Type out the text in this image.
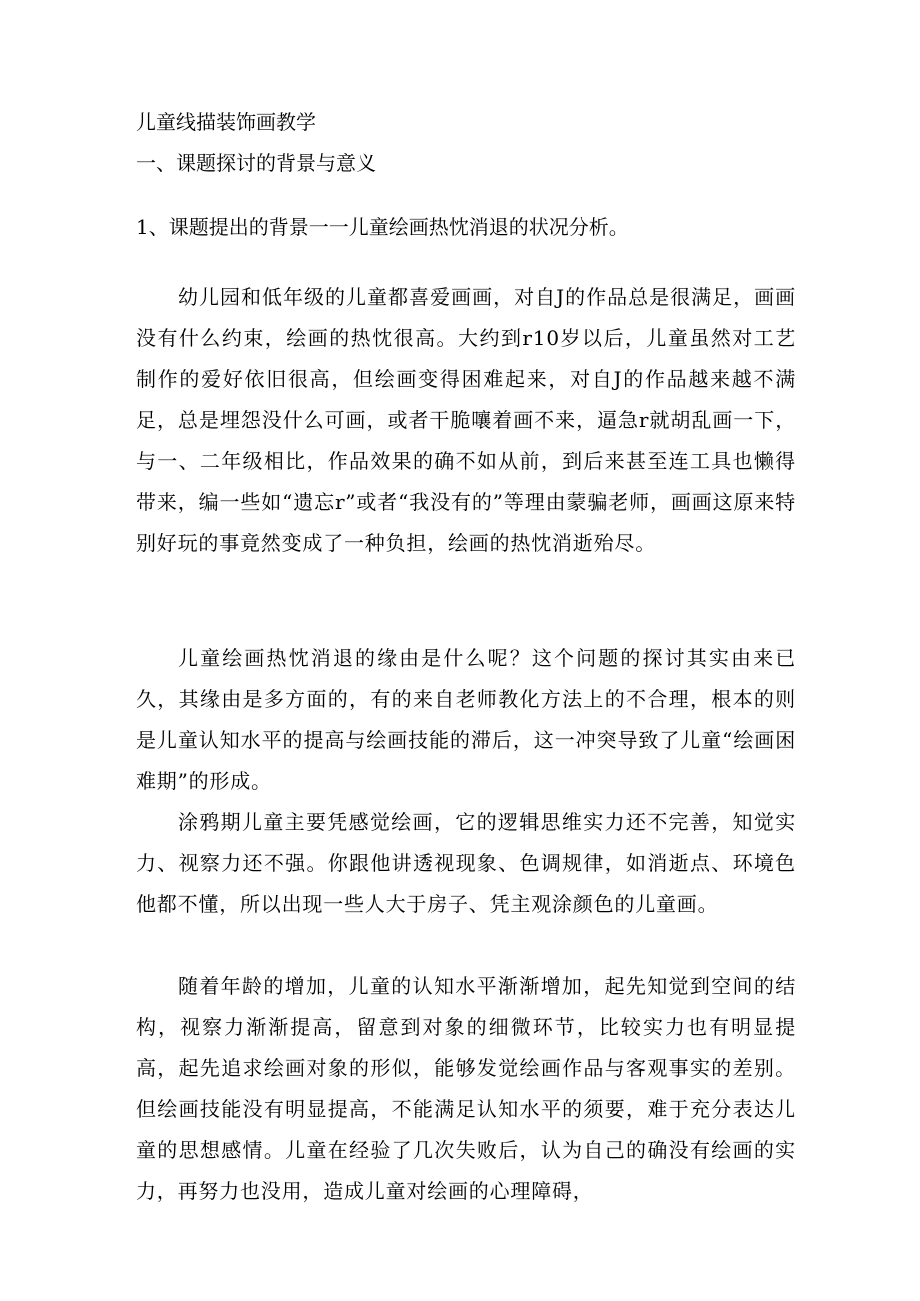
儿童线描装饰画教学
一、课题探讨的背景与意义
1、课题提出的背景一一儿童绘画热忱消退的状况分析。

幼儿园和低年级的儿童都喜爱画画，对自J的作品总是很满足，画画没有什么约束，绘画的热忱很高。大约到r10岁以后，儿童虽然对工艺制作的爱好依旧很高，但绘画变得困难起来，对自J的作品越来越不满足，总是埋怨没什么可画，或者干脆嚷着画不来，逼急r就胡乱画一下，与一、二年级相比，作品效果的确不如从前，到后来甚至连工具也懒得带来，编一些如“遗忘r”或者“我没有的”等理由蒙骗老师，画画这原来特别好玩的事竟然变成了一种负担，绘画的热忱消逝殆尽。

儿童绘画热忱消退的缘由是什么呢？这个问题的探讨其实由来已久，其缘由是多方面的，有的来自老师教化方法上的不合理，根本的则是儿童认知水平的提高与绘画技能的滞后，这一冲突导致了儿童“绘画困难期”的形成。

涂鸦期儿童主要凭感觉绘画，它的逻辑思维实力还不完善，知觉实力、视察力还不强。你跟他讲透视现象、色调规律，如消逝点、环境色他都不懂，所以出现一些人大于房子、凭主观涂颜色的儿童画。

随着年龄的增加，儿童的认知水平渐渐增加，起先知觉到空间的结构，视察力渐渐提高，留意到对象的细微环节，比较实力也有明显提高，起先追求绘画对象的形似，能够发觉绘画作品与客观事实的差别。但绘画技能没有明显提高，不能满足认知水平的须要，难于充分表达儿童的思想感情。儿童在经验了几次失败后，认为自己的确没有绘画的实力，再努力也没用，造成儿童对绘画的心理障碍，
